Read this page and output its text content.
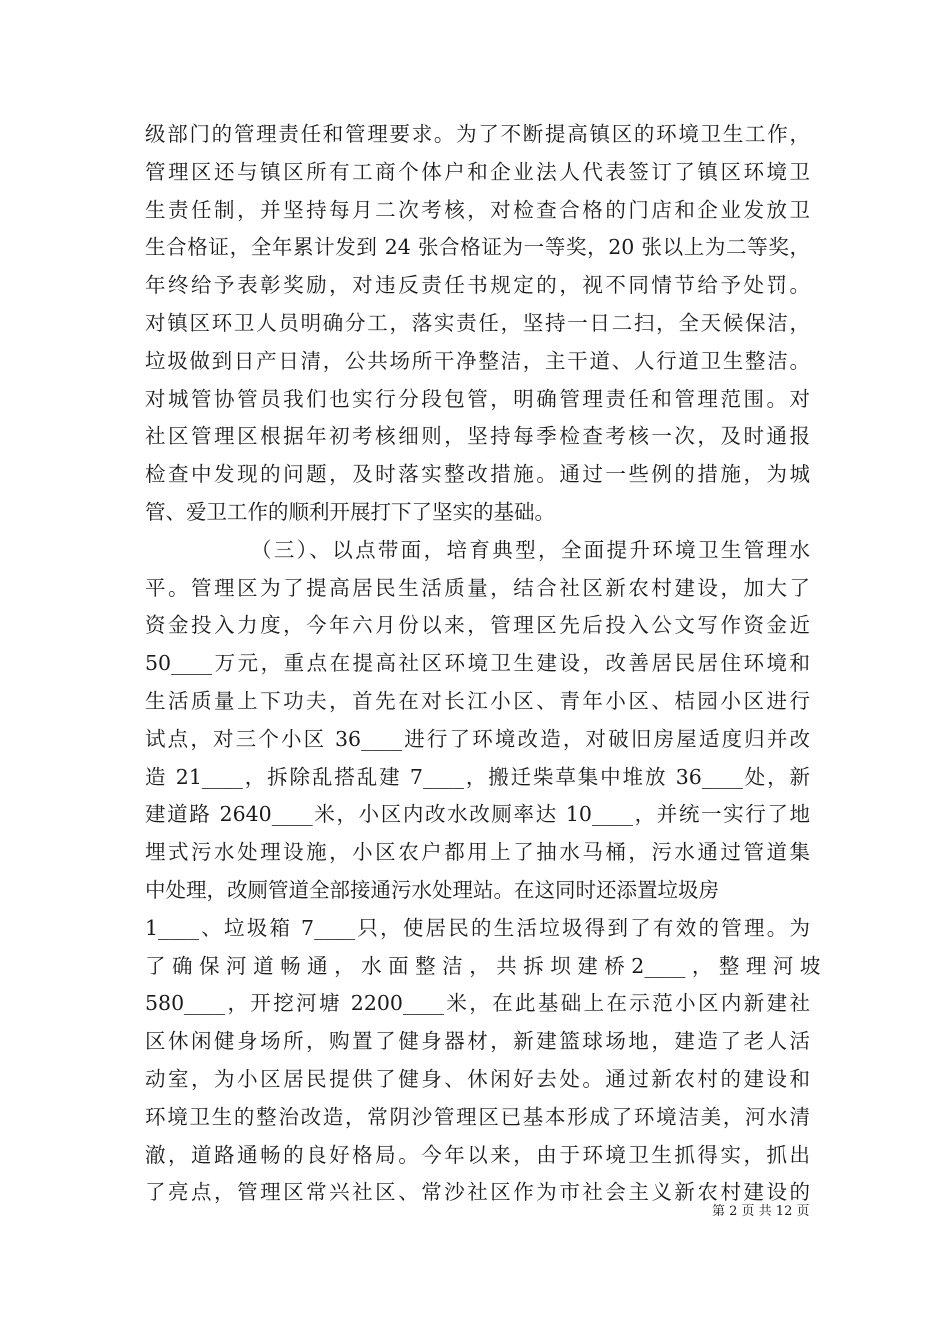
级部门的管理责任和管理要求。为了不断提高镇区的环境卫生工作，
管理区还与镇区所有工商个体户和企业法人代表签订了镇区环境卫
生责任制，并坚持每月二次考核，对检查合格的门店和企业发放卫
生合格证，全年累计发到 24 张合格证为一等奖，20 张以上为二等奖，
年终给予表彰奖励，对违反责任书规定的，视不同情节给予处罚。
对镇区环卫人员明确分工，落实责任，坚持一日二扫，全天候保洁，
垃圾做到日产日清，公共场所干净整洁，主干道、人行道卫生整洁。
对城管协管员我们也实行分段包管，明确管理责任和管理范围。对
社区管理区根据年初考核细则，坚持每季检查考核一次，及时通报
检查中发现的问题，及时落实整改措施。通过一些例的措施，为城
管、爱卫工作的顺利开展打下了坚实的基础。
（三）、以点带面，培育典型，全面提升环境卫生管理水
平。管理区为了提高居民生活质量，结合社区新农村建设，加大了
资金投入力度，今年六月份以来，管理区先后投入公文写作资金近
50____万元，重点在提高社区环境卫生建设，改善居民居住环境和
生活质量上下功夫，首先在对长江小区、青年小区、桔园小区进行
试点，对三个小区 36____进行了环境改造，对破旧房屋适度归并改
造 21____，拆除乱搭乱建 7____，搬迁柴草集中堆放 36____处，新
建道路 2640____米，小区内改水改厕率达 10____，并统一实行了地
埋式污水处理设施，小区农户都用上了抽水马桶，污水通过管道集
中处理，改厕管道全部接通污水处理站。在这同时还添置垃圾房
1____、垃圾箱 7____只，使居民的生活垃圾得到了有效的管理。为
了 确 保 河 道 畅 通 ， 水 面 整 洁 ， 共 拆 坝 建 桥 2____ ， 整 理 河 坡
580____，开挖河塘 2200____米，在此基础上在示范小区内新建社
区休闲健身场所，购置了健身器材，新建篮球场地，建造了老人活
动室，为小区居民提供了健身、休闲好去处。通过新农村的建设和
环境卫生的整治改造，常阴沙管理区已基本形成了环境洁美，河水清
澈，道路通畅的良好格局。今年以来，由于环境卫生抓得实，抓出
了亮点，管理区常兴社区、常沙社区作为市社会主义新农村建设的
第 2 页 共 12 页
